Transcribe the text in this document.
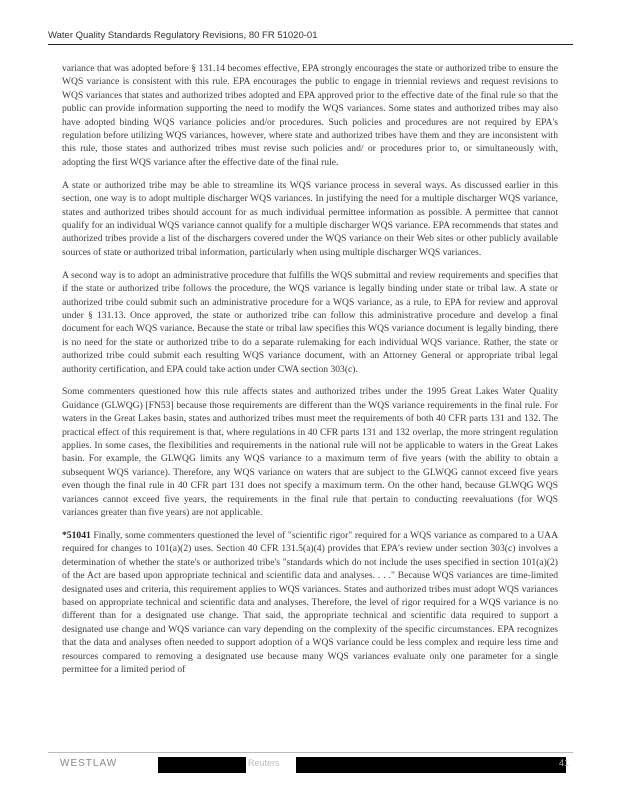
Water Quality Standards Regulatory Revisions, 80 FR 51020-01

variance that was adopted before § 131.14 becomes effective, EPA strongly encourages the state or authorized tribe to ensure the WQS variance is consistent with this rule. EPA encourages the public to engage in triennial reviews and request revisions to WQS variances that states and authorized tribes adopted and EPA approved prior to the effective date of the final rule so that the public can provide information supporting the need to modify the WQS variances. Some states and authorized tribes may also have adopted binding WQS variance policies and/or procedures. Such policies and procedures are not required by EPA's regulation before utilizing WQS variances, however, where state and authorized tribes have them and they are inconsistent with this rule, those states and authorized tribes must revise such policies and/ or procedures prior to, or simultaneously with, adopting the first WQS variance after the effective date of the final rule.

A state or authorized tribe may be able to streamline its WQS variance process in several ways. As discussed earlier in this section, one way is to adopt multiple discharger WQS variances. In justifying the need for a multiple discharger WQS variance, states and authorized tribes should account for as much individual permittee information as possible. A permittee that cannot qualify for an individual WQS variance cannot qualify for a multiple discharger WQS variance. EPA recommends that states and authorized tribes provide a list of the dischargers covered under the WQS variance on their Web sites or other publicly available sources of state or authorized tribal information, particularly when using multiple discharger WQS variances.

A second way is to adopt an administrative procedure that fulfills the WQS submittal and review requirements and specifies that if the state or authorized tribe follows the procedure, the WQS variance is legally binding under state or tribal law. A state or authorized tribe could submit such an administrative procedure for a WQS variance, as a rule, to EPA for review and approval under § 131.13. Once approved, the state or authorized tribe can follow this administrative procedure and develop a final document for each WQS variance. Because the state or tribal law specifies this WQS variance document is legally binding, there is no need for the state or authorized tribe to do a separate rulemaking for each individual WQS variance. Rather, the state or authorized tribe could submit each resulting WQS variance document, with an Attorney General or appropriate tribal legal authority certification, and EPA could take action under CWA section 303(c).

Some commenters questioned how this rule affects states and authorized tribes under the 1995 Great Lakes Water Quality Guidance (GLWQG) [FN53] because those requirements are different than the WQS variance requirements in the final rule. For waters in the Great Lakes basin, states and authorized tribes must meet the requirements of both 40 CFR parts 131 and 132. The practical effect of this requirement is that, where regulations in 40 CFR parts 131 and 132 overlap, the more stringent regulation applies. In some cases, the flexibilities and requirements in the national rule will not be applicable to waters in the Great Lakes basin. For example, the GLWQG limits any WQS variance to a maximum term of five years (with the ability to obtain a subsequent WQS variance). Therefore, any WQS variance on waters that are subject to the GLWQG cannot exceed five years even though the final rule in 40 CFR part 131 does not specify a maximum term. On the other hand, because GLWQG WQS variances cannot exceed five years, the requirements in the final rule that pertain to conducting reevaluations (for WQS variances greater than five years) are not applicable.

*51041 Finally, some commenters questioned the level of "scientific rigor" required for a WQS variance as compared to a UAA required for changes to 101(a)(2) uses. Section 40 CFR 131.5(a)(4) provides that EPA's review under section 303(c) involves a determination of whether the state's or authorized tribe's "standards which do not include the uses specified in section 101(a)(2) of the Act are based upon appropriate technical and scientific data and analyses. . . ." Because WQS variances are time-limited designated uses and criteria, this requirement applies to WQS variances. States and authorized tribes must adopt WQS variances based on appropriate technical and scientific data and analyses. Therefore, the level of rigor required for a WQS variance is no different than for a designated use change. That said, the appropriate technical and scientific data required to support a designated use change and WQS variance can vary depending on the complexity of the specific circumstances. EPA recognizes that the data and analyses often needed to support adoption of a WQS variance could be less complex and require less time and resources compared to removing a designated use because many WQS variances evaluate only one parameter for a single permittee for a limited period of

WESTLAW	Reuters	41
